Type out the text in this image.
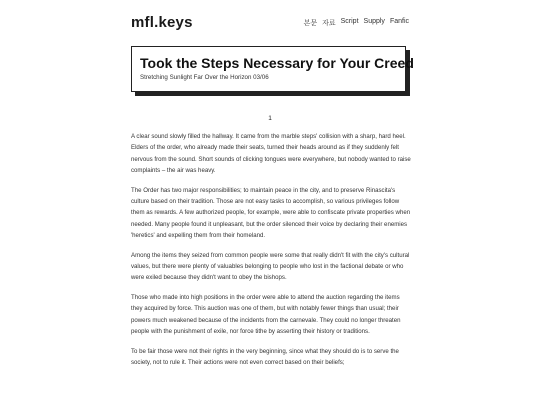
mfl.keys	본문 자료 Script Supply Fanfic
Took the Steps Necessary for Your Creed
Stretching Sunlight Far Over the Horizon 03/06
1

A clear sound slowly filled the hallway. It came from the marble steps' collision with a sharp, hard heel. Elders of the order, who already made their seats, turned their heads around as if they suddenly felt nervous from the sound. Short sounds of clicking tongues were everywhere, but nobody wanted to raise complaints – the air was heavy.

The Order has two major responsibilities; to maintain peace in the city, and to preserve Rinascita's culture based on their tradition. Those are not easy tasks to accomplish, so various privileges follow them as rewards. A few authorized people, for example, were able to confiscate private properties when needed. Many people found it unpleasant, but the order silenced their voice by declaring their enemies 'heretics' and expelling them from their homeland.

Among the items they seized from common people were some that really didn't fit with the city's cultural values, but there were plenty of valuables belonging to people who lost in the factional debate or who were exiled because they didn't want to obey the bishops.

Those who made into high positions in the order were able to attend the auction regarding the items they acquired by force. This auction was one of them, but with notably fewer things than usual; their powers much weakened because of the incidents from the carnevale. They could no longer threaten people with the punishment of exile, nor force tithe by asserting their history or traditions.

To be fair those were not their rights in the very beginning, since what they should do is to serve the society, not to rule it. Their actions were not even correct based on their beliefs;
